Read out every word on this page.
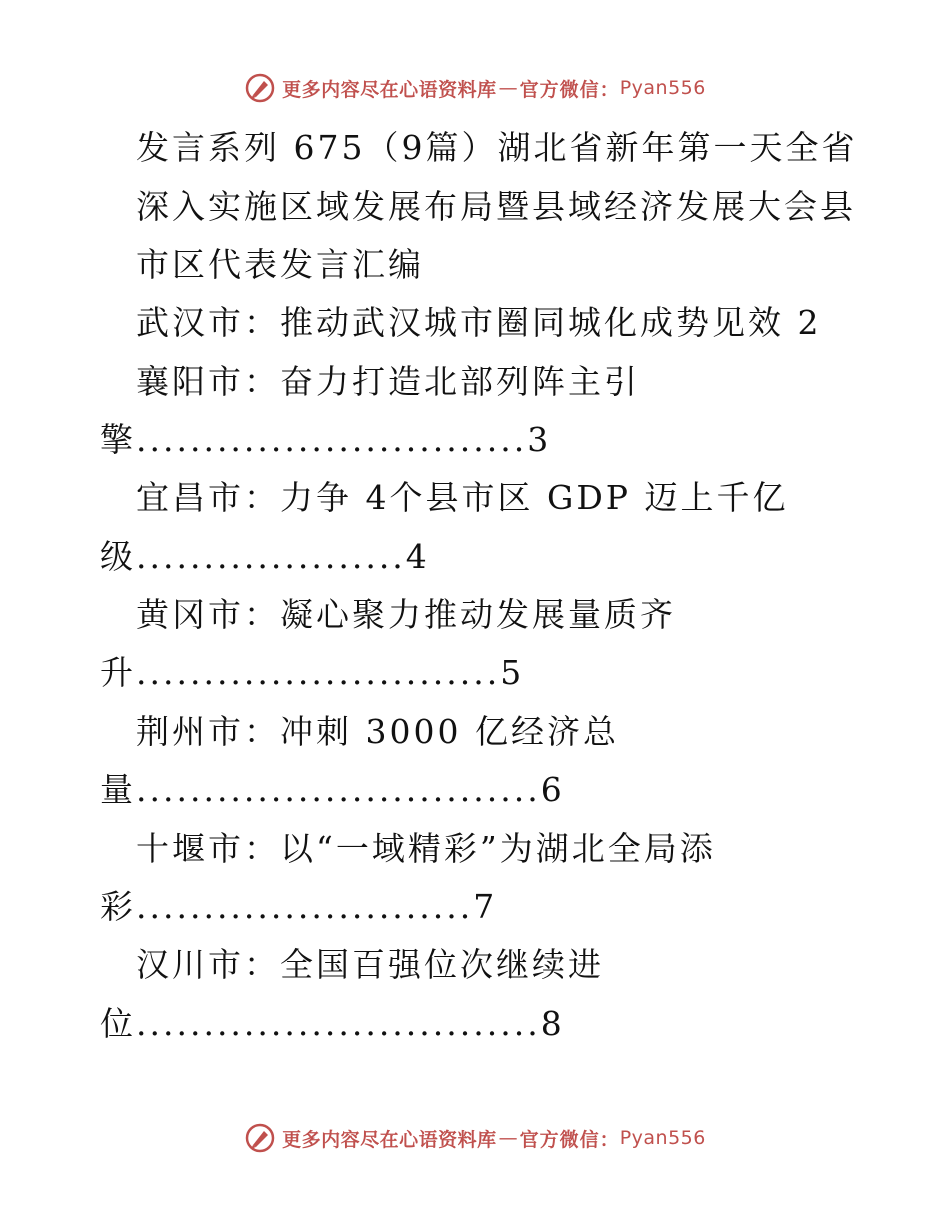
更多内容尽在心语资料库 — 官方微信： Pyan556
发言系列 675（9篇）湖北省新年第一天全省
深入实施区域发展布局暨县域经济发展大会县
市区代表发言汇编
武汉市：推动武汉城市圈同城化成势见效 2
襄阳市：奋力打造北部列阵主引
擎.............................3
宜昌市：力争 4个县市区 GDP 迈上千亿
级....................4
黄冈市：凝心聚力推动发展量质齐
升...........................5
荆州市：冲刺 3000 亿经济总
量..............................6
十堰市：以“一域精彩”为湖北全局添
彩.........................7
汉川市：全国百强位次继续进
位..............................8
更多内容尽在心语资料库 — 官方微信： Pyan556
